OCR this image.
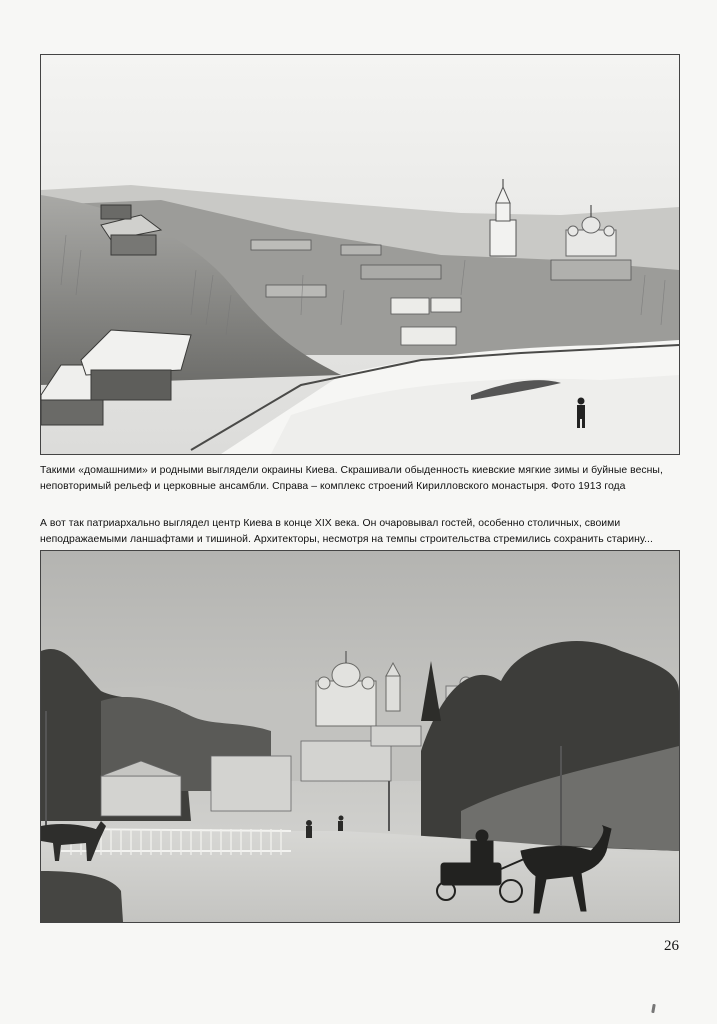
Такими «домашними» и родными выглядели окраины Киева. Скрашивали обыденность киевские мягкие зимы и буйные весны,

неповторимый рельеф и церковные ансамбли. Справа – комплекс строений Кирилловского монастыря. Фото 1913 года

А вот так патриархально выглядел центр Киева в конце XIX века. Он очаровывал гостей, особенно столичных, своими

неподражаемыми ланшафтами и тишиной. Архитекторы, несмотря на темпы строительства стремились сохранить старину...

26
